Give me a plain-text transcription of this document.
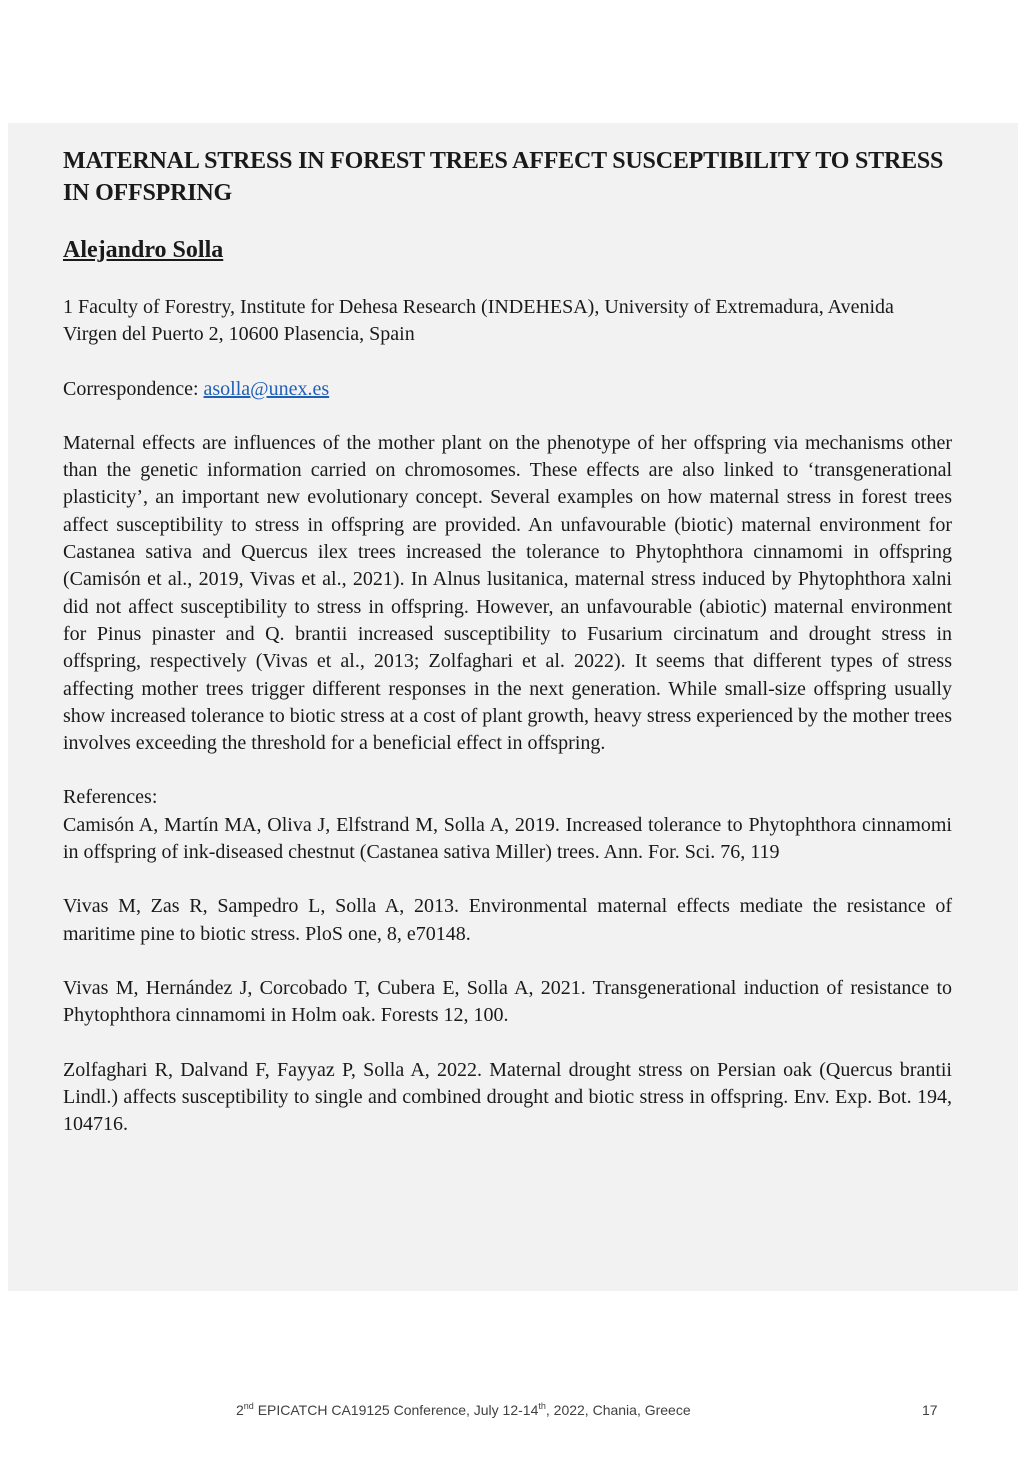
MATERNAL STRESS IN FOREST TREES AFFECT SUSCEPTIBILITY TO STRESS IN OFFSPRING

Alejandro Solla

1 Faculty of Forestry, Institute for Dehesa Research (INDEHESA), University of Extremadura, Avenida Virgen del Puerto 2, 10600 Plasencia, Spain

Correspondence: asolla@unex.es

Maternal effects are influences of the mother plant on the phenotype of her offspring via mechanisms other than the genetic information carried on chromosomes. These effects are also linked to ‘transgenerational plasticity’, an important new evolutionary concept. Several examples on how maternal stress in forest trees affect susceptibility to stress in offspring are provided. An unfavourable (biotic) maternal environment for Castanea sativa and Quercus ilex trees increased the tolerance to Phytophthora cinnamomi in offspring (Camisón et al., 2019, Vivas et al., 2021). In Alnus lusitanica, maternal stress induced by Phytophthora xalni did not affect susceptibility to stress in offspring. However, an unfavourable (abiotic) maternal environment for Pinus pinaster and Q. brantii increased susceptibility to Fusarium circinatum and drought stress in offspring, respectively (Vivas et al., 2013; Zolfaghari et al. 2022). It seems that different types of stress affecting mother trees trigger different responses in the next generation. While small-size offspring usually show increased tolerance to biotic stress at a cost of plant growth, heavy stress experienced by the mother trees involves exceeding the threshold for a beneficial effect in offspring.

References:

Camisón A, Martín MA, Oliva J, Elfstrand M, Solla A, 2019. Increased tolerance to Phytophthora cinnamomi in offspring of ink-diseased chestnut (Castanea sativa Miller) trees. Ann. For. Sci. 76, 119

Vivas M, Zas R, Sampedro L, Solla A, 2013. Environmental maternal effects mediate the resistance of maritime pine to biotic stress. PloS one, 8, e70148.

Vivas M, Hernández J, Corcobado T, Cubera E, Solla A, 2021. Transgenerational induction of resistance to Phytophthora cinnamomi in Holm oak. Forests 12, 100.

Zolfaghari R, Dalvand F, Fayyaz P, Solla A, 2022. Maternal drought stress on Persian oak (Quercus brantii Lindl.) affects susceptibility to single and combined drought and biotic stress in offspring. Env. Exp. Bot. 194, 104716.

2nd EPICATCH CA19125 Conference, July 12-14th, 2022, Chania, Greece	17
